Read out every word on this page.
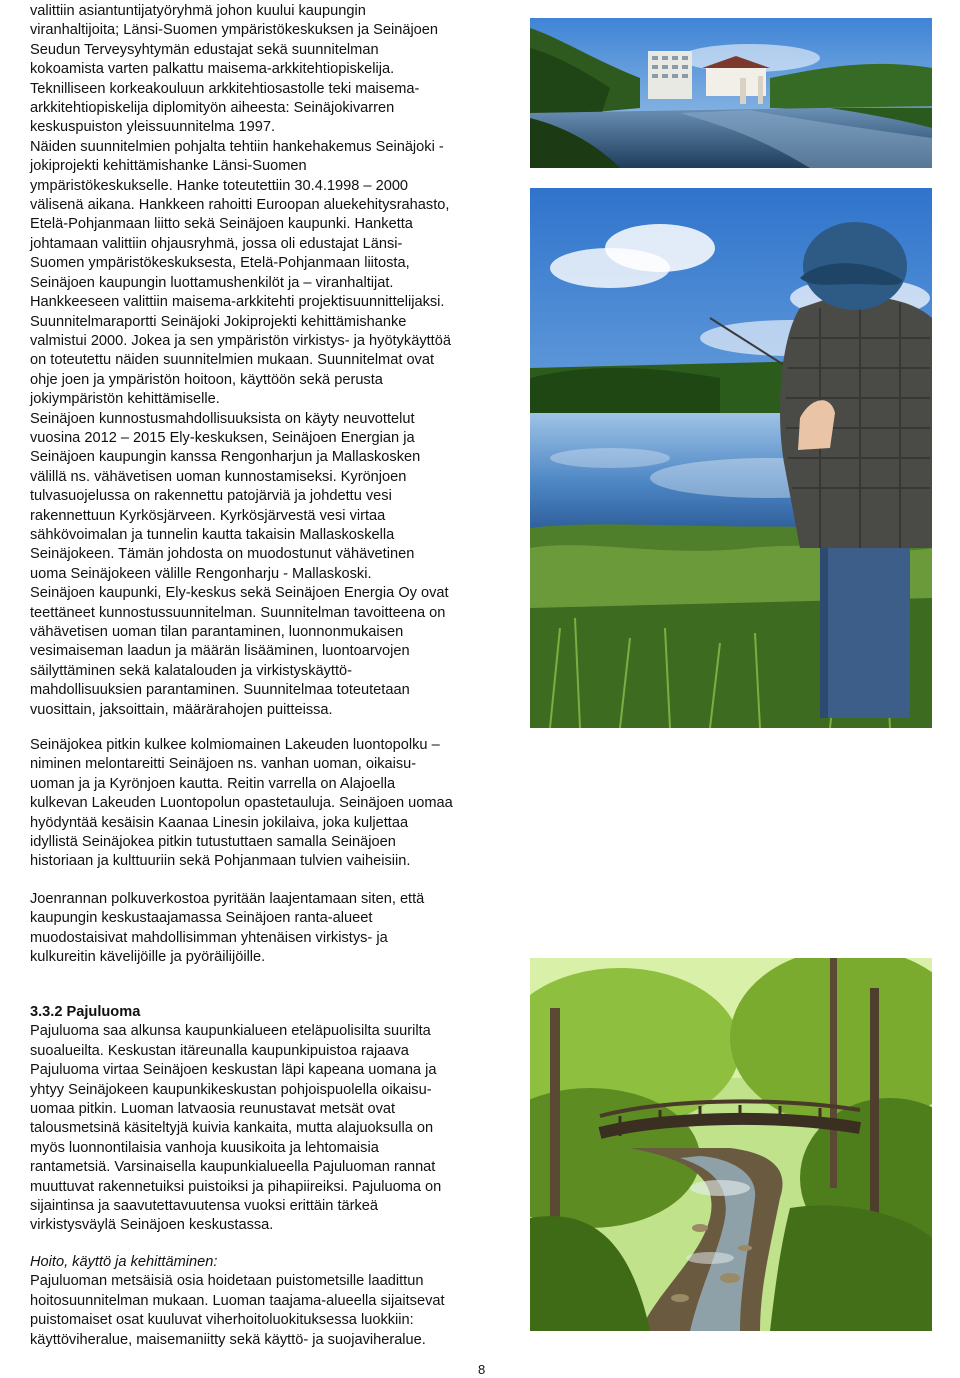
valittiin asiantuntijatyöryhmä johon kuului kaupungin

viranhaltijoita; Länsi-Suomen ympäristökeskuksen ja Seinäjoen

Seudun Terveysyhtymän edustajat sekä suunnitelman

kokoamista varten palkattu maisema-arkkitehtiopiskelija.

Teknilliseen korkeakouluun arkkitehtiosastolle teki maisema-

arkkitehtiopiskelija diplomityön aiheesta: Seinäjokivarren

keskuspuiston yleissuunnitelma 1997.

Näiden suunnitelmien pohjalta tehtiin hankehakemus Seinäjoki -

jokiprojekti kehittämishanke Länsi-Suomen

ympäristökeskukselle. Hanke toteutettiin 30.4.1998 – 2000

välisenä aikana. Hankkeen rahoitti Euroopan aluekehitysrahasto,

Etelä-Pohjanmaan liitto sekä Seinäjoen kaupunki. Hanketta

johtamaan valittiin ohjausryhmä, jossa oli edustajat Länsi-

Suomen ympäristökeskuksesta, Etelä-Pohjanmaan liitosta,

Seinäjoen kaupungin luottamushenkilöt ja – viranhaltijat.

Hankkeeseen valittiin maisema-arkkitehti projektisuunnittelijaksi.

Suunnitelmaraportti Seinäjoki Jokiprojekti kehittämishanke

valmistui 2000. Jokea ja sen ympäristön virkistys- ja hyötykäyttöä

on toteutettu näiden suunnitelmien mukaan. Suunnitelmat ovat

ohje joen ja ympäristön hoitoon, käyttöön sekä perusta

jokiympäristön kehittämiselle.

Seinäjoen kunnostusmahdollisuuksista on käyty neuvottelut

vuosina 2012 – 2015 Ely-keskuksen, Seinäjoen Energian ja

Seinäjoen kaupungin kanssa Rengonharjun ja Mallaskosken

välillä ns. vähävetisen uoman kunnostamiseksi. Kyrönjoen

tulvasuojelussa on rakennettu patojärviä ja johdettu vesi

rakennettuun Kyrkösjärveen. Kyrkösjärvestä vesi virtaa

sähkövoimalan ja tunnelin kautta takaisin Mallaskoskella

Seinäjokeen. Tämän johdosta on muodostunut vähävetinen

uoma Seinäjokeen välille Rengonharju - Mallaskoski.

Seinäjoen kaupunki, Ely-keskus sekä Seinäjoen Energia Oy ovat

teettäneet kunnostussuunnitelman. Suunnitelman tavoitteena on

vähävetisen uoman tilan parantaminen, luonnonmukaisen

vesimaiseman laadun ja määrän lisääminen, luontoarvojen

säilyttäminen sekä kalatalouden ja virkistyskäyttö-

mahdollisuuksien parantaminen. Suunnitelmaa toteutetaan

vuosittain, jaksoittain, määrärahojen puitteissa.

Seinäjokea pitkin kulkee kolmiomainen Lakeuden luontopolku –

niminen melontareitti Seinäjoen ns. vanhan uoman, oikaisu-

uoman ja ja Kyrönjoen kautta. Reitin varrella on Alajoella

kulkevan Lakeuden Luontopolun opastetauluja. Seinäjoen uomaa

hyödyntää kesäisin Kaanaa Linesin jokilaiva, joka kuljettaa

idyllistä Seinäjokea pitkin tutustuttaen samalla Seinäjoen

historiaan ja kulttuuriin sekä Pohjanmaan tulvien vaiheisiin.

Joenrannan polkuverkostoa pyritään laajentamaan siten, että

kaupungin keskustaajamassa Seinäjoen ranta-alueet

muodostaisivat mahdollisimman yhtenäisen virkistys- ja

kulkureitin kävelijöille ja pyöräilijöille.

3.3.2 Pajuluoma

Pajuluoma saa alkunsa kaupunkialueen eteläpuolisilta suurilta

suoalueilta. Keskustan itäreunalla kaupunkipuistoa rajaava

Pajuluoma virtaa Seinäjoen keskustan läpi kapeana uomana ja

yhtyy Seinäjokeen kaupunkikeskustan pohjoispuolella oikaisu-

uomaa pitkin. Luoman latvaosia reunustavat metsät ovat

talousmetsinä käsiteltyjä kuivia kankaita, mutta alajuoksulla on

myös luonnontilaisia vanhoja kuusikoita ja lehtomaisia

rantametsiä. Varsinaisella kaupunkialueella Pajuluoman rannat

muuttuvat rakennetuiksi puistoiksi ja pihapiireiksi. Pajuluoma on

sijaintinsa ja saavutettavuutensa vuoksi erittäin tärkeä

virkistysväylä Seinäjoen keskustassa.

Hoito, käyttö ja kehittäminen:

Pajuluoman metsäisiä osia hoidetaan puistometsille laadittun

hoitosuunnitelman mukaan. Luoman taajama-alueella sijaitsevat

puistomaiset osat kuuluvat viherhoitoluokituksessa luokkiin:

käyttöviheralue, maisemaniitty sekä käyttö- ja suojaviheralue.

8
